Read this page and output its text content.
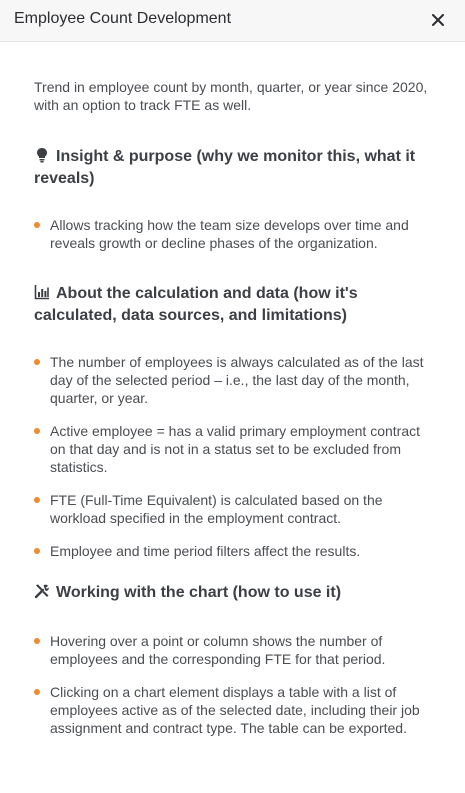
Employee Count Development

Trend in employee count by month, quarter, or year since 2020, with an option to track FTE as well.

Insight & purpose (why we monitor this, what it reveals)
Allows tracking how the team size develops over time and reveals growth or decline phases of the organization.
About the calculation and data (how it's calculated, data sources, and limitations)
The number of employees is always calculated as of the last day of the selected period – i.e., the last day of the month, quarter, or year.
Active employee = has a valid primary employment contract on that day and is not in a status set to be excluded from statistics.
FTE (Full-Time Equivalent) is calculated based on the workload specified in the employment contract.
Employee and time period filters affect the results.
Working with the chart (how to use it)
Hovering over a point or column shows the number of employees and the corresponding FTE for that period.
Clicking on a chart element displays a table with a list of employees active as of the selected date, including their job assignment and contract type. The table can be exported.
